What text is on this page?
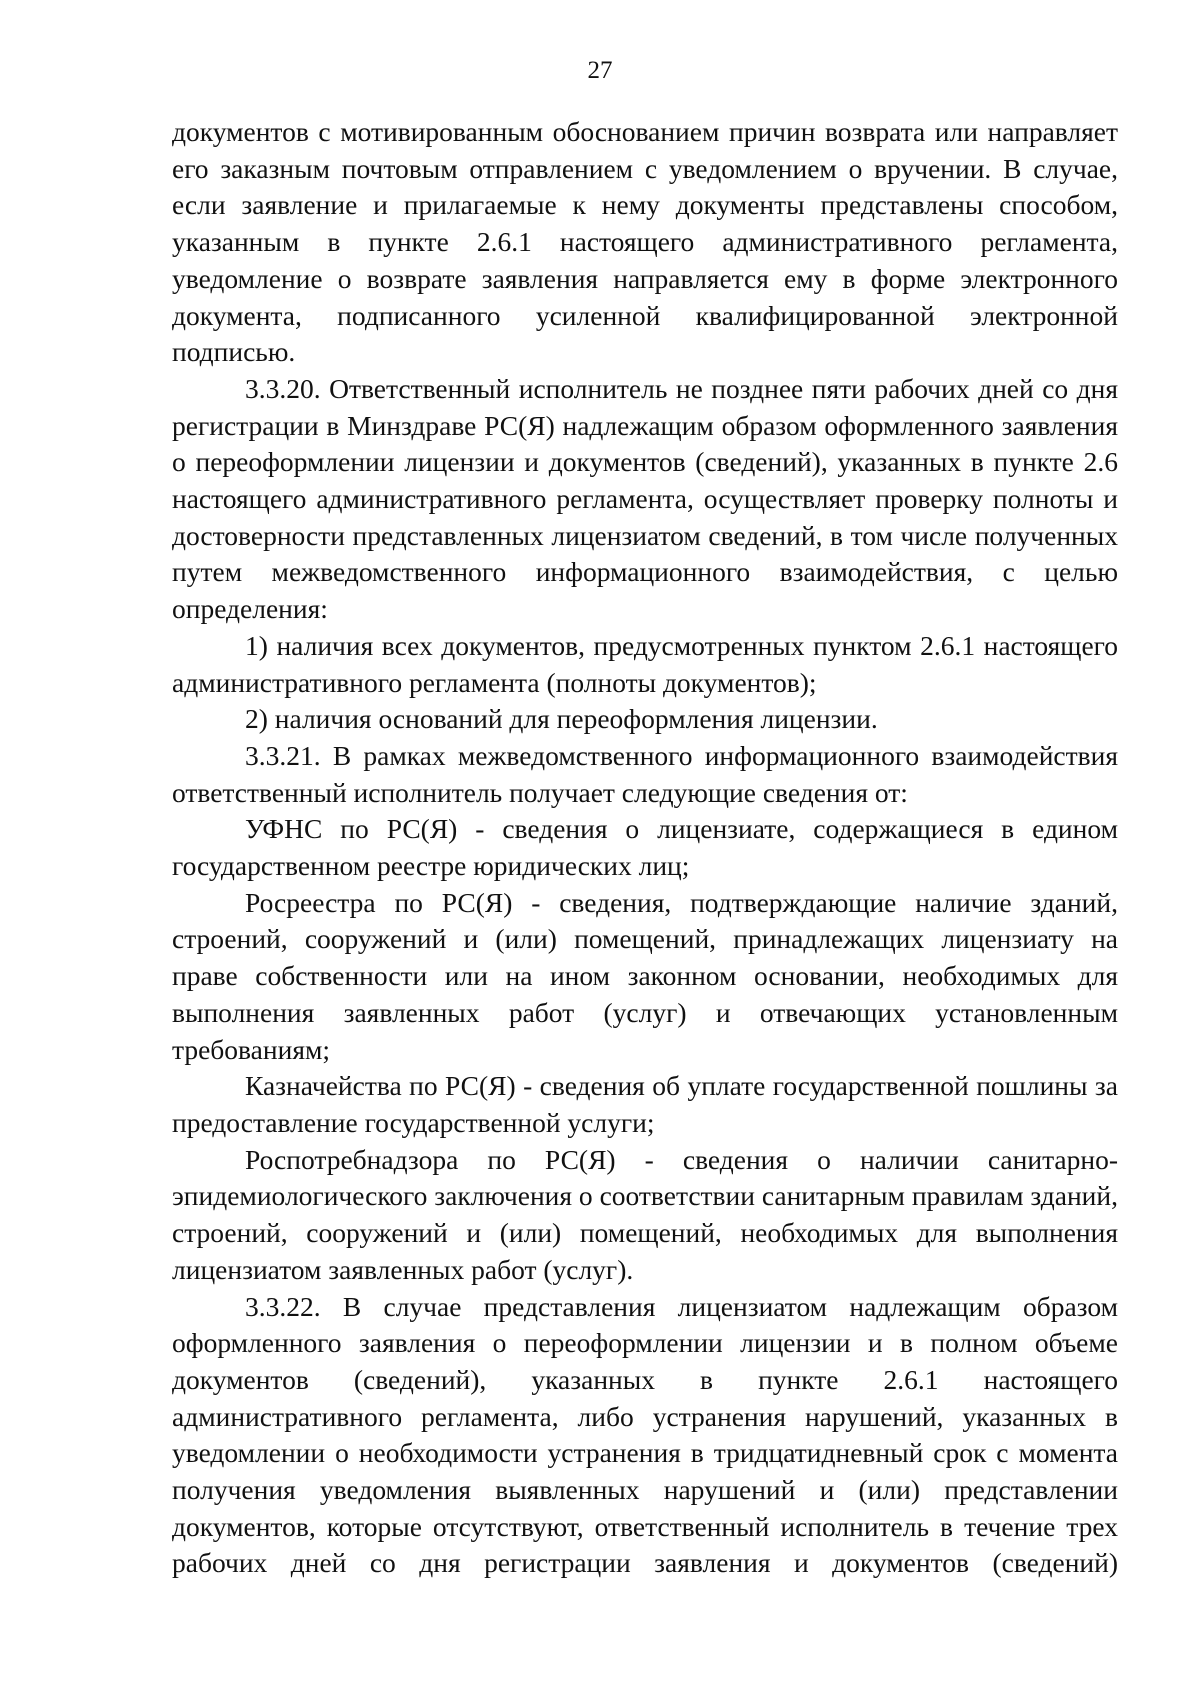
27

документов с мотивированным обоснованием причин возврата или направляет его заказным почтовым отправлением с уведомлением о вручении. В случае, если заявление и прилагаемые к нему документы представлены способом, указанным в пункте 2.6.1 настоящего административного регламента, уведомление о возврате заявления направляется ему в форме электронного документа, подписанного усиленной квалифицированной электронной подписью.

3.3.20. Ответственный исполнитель не позднее пяти рабочих дней со дня регистрации в Минздраве РС(Я) надлежащим образом оформленного заявления о переоформлении лицензии и документов (сведений), указанных в пункте 2.6 настоящего административного регламента, осуществляет проверку полноты и достоверности представленных лицензиатом сведений, в том числе полученных путем межведомственного информационного взаимодействия, с целью определения:

1) наличия всех документов, предусмотренных пунктом 2.6.1 настоящего административного регламента (полноты документов);

2) наличия оснований для переоформления лицензии.

3.3.21. В рамках межведомственного информационного взаимодействия ответственный исполнитель получает следующие сведения от:

УФНС по РС(Я) - сведения о лицензиате, содержащиеся в едином государственном реестре юридических лиц;

Росреестра по РС(Я) - сведения, подтверждающие наличие зданий, строений, сооружений и (или) помещений, принадлежащих лицензиату на праве собственности или на ином законном основании, необходимых для выполнения заявленных работ (услуг) и отвечающих установленным требованиям;

Казначейства по РС(Я) - сведения об уплате государственной пошлины за предоставление государственной услуги;

Роспотребнадзора по РС(Я) - сведения о наличии санитарно-эпидемиологического заключения о соответствии санитарным правилам зданий, строений, сооружений и (или) помещений, необходимых для выполнения лицензиатом заявленных работ (услуг).

3.3.22. В случае представления лицензиатом надлежащим образом оформленного заявления о переоформлении лицензии и в полном объеме документов (сведений), указанных в пункте 2.6.1 настоящего административного регламента, либо устранения нарушений, указанных в уведомлении о необходимости устранения в тридцатидневный срок с момента получения уведомления выявленных нарушений и (или) представлении документов, которые отсутствуют, ответственный исполнитель в течение трех рабочих дней со дня регистрации заявления и документов (сведений)
